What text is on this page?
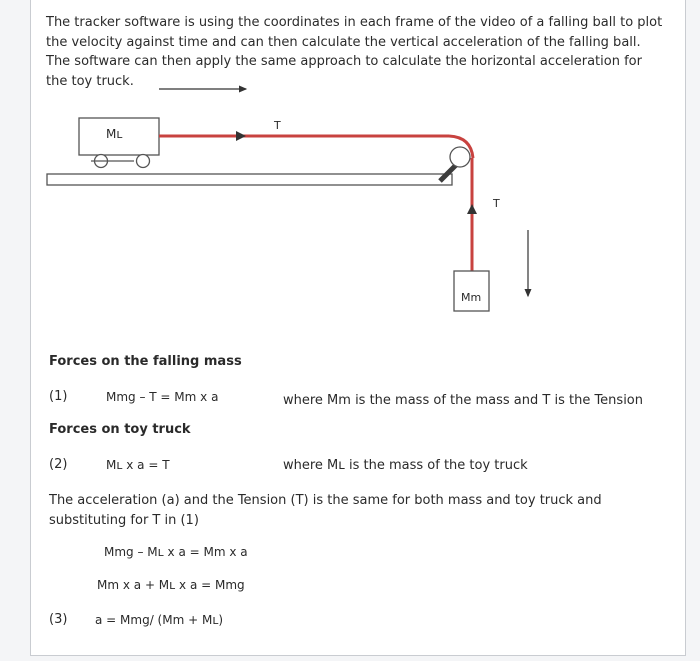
The tracker software is using the coordinates in each frame of the video of a falling ball to plot the velocity against time and can then calculate the vertical acceleration of the falling ball. The software can then apply the same approach to calculate the horizontal acceleration for the toy truck.
Mʟ
T
T
Mm
Forces on the falling mass
(1)	Mmg – T = Mm x a	where Mm is the mass of the mass and T is the Tension
Forces on toy truck
(2)	Mʟ x a = T	where Mʟ is the mass of the toy truck
The acceleration (a) and the Tension (T) is the same for both mass and toy truck and substituting for T in (1)
Mmg – Mʟ x a = Mm x a
Mm x a + Mʟ x a = Mmg
(3) a = Mmg/ (Mm + Mʟ)
